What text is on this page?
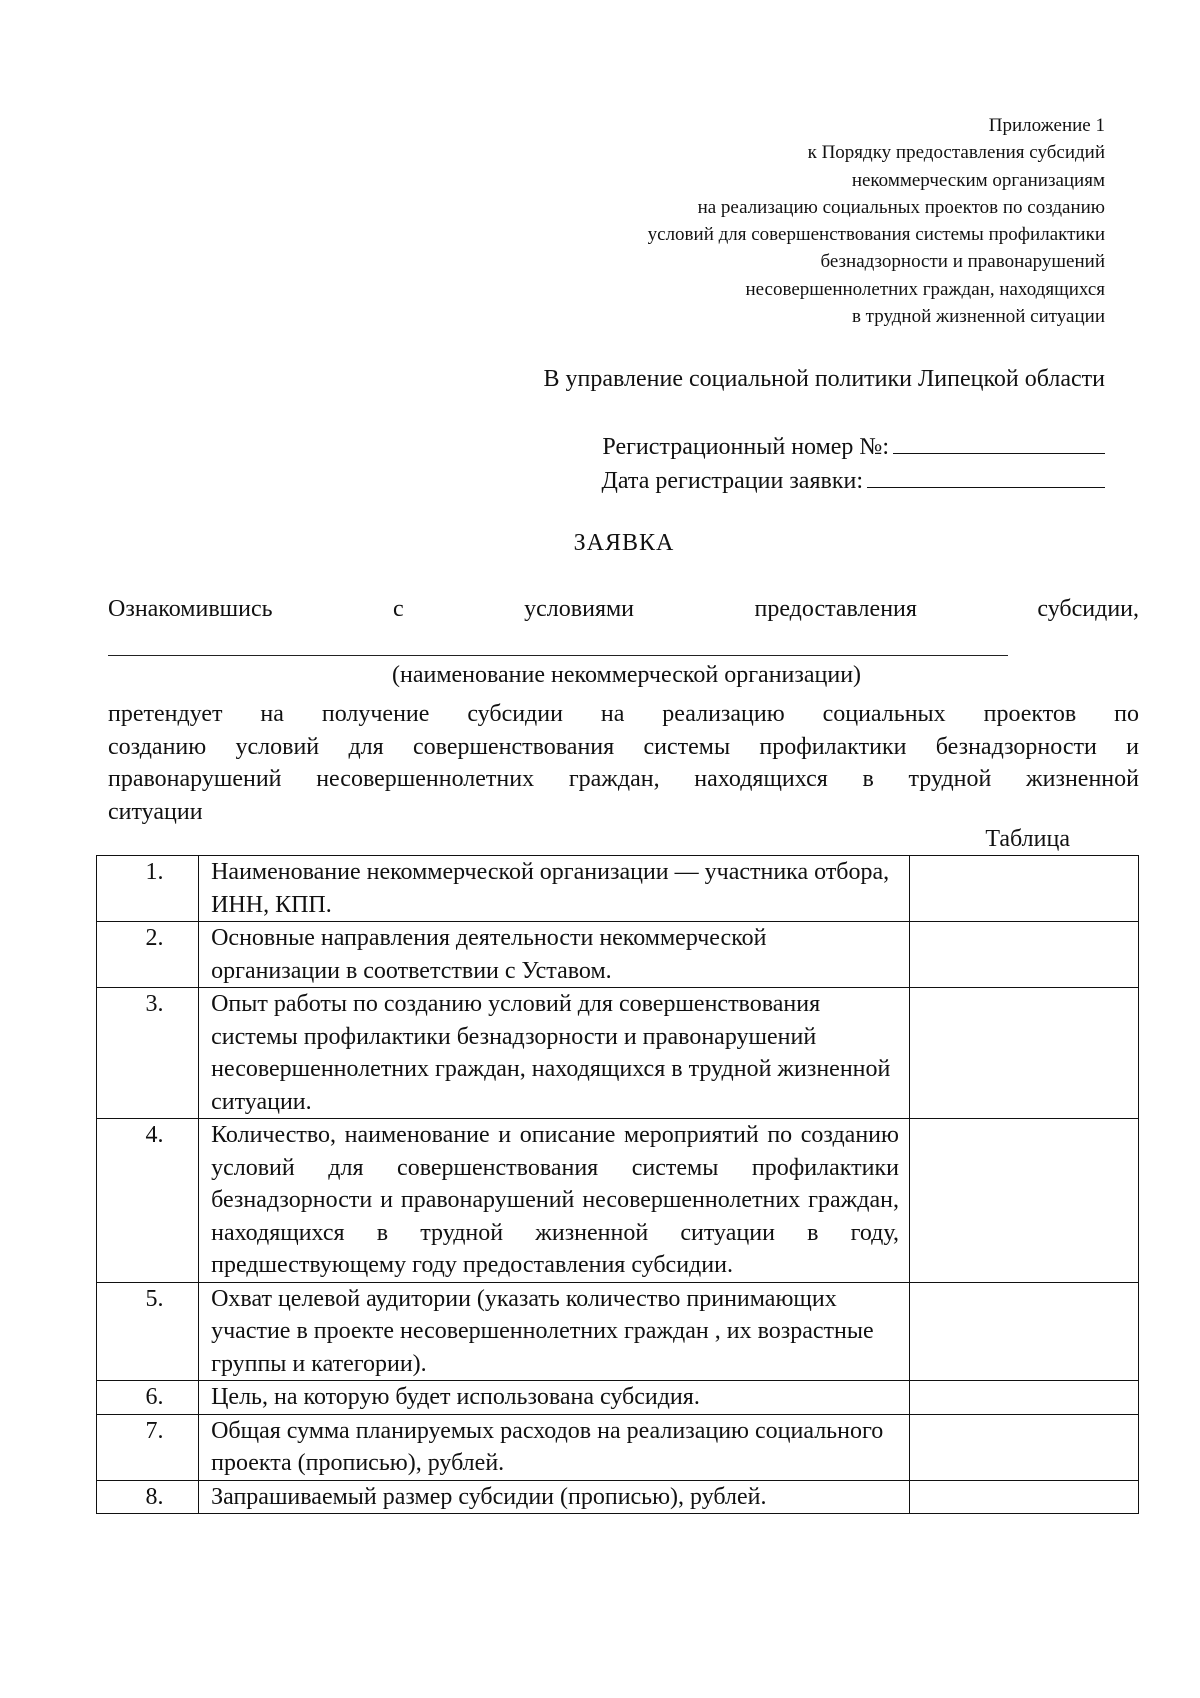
Приложение 1
к Порядку предоставления субсидий
некоммерческим организациям
на реализацию социальных проектов по созданию
условий для совершенствования системы профилактики
безнадзорности и правонарушений
несовершеннолетних граждан, находящихся
в трудной жизненной ситуации
В управление социальной политики Липецкой области
Регистрационный номер №:
Дата регистрации заявки:
ЗАЯВКА
Ознакомившись	с	условиями	предоставления	субсидии,
(наименование некоммерческой организации)
претендует на получение субсидии на реализацию социальных проектов по
созданию условий для совершенствования системы профилактики безнадзорности и
правонарушений несовершеннолетних граждан, находящихся в трудной жизненной
ситуации
Таблица
1.	Наименование некоммерческой организации — участника отбора, ИНН, КПП.	
2.	Основные направления деятельности некоммерческой организации в соответствии с Уставом.	
3.	Опыт работы по созданию условий для совершенствования системы профилактики безнадзорности и правонарушений несовершеннолетних граждан, находящихся в трудной жизненной ситуации.	
4.	Количество, наименование и описание мероприятий по созданию условий для совершенствования системы профилактики безнадзорности и правонарушений несовершеннолетних граждан, находящихся в трудной жизненной ситуации в году, предшествующему году предоставления субсидии.	
5.	Охват целевой аудитории (указать количество принимающих участие в проекте несовершеннолетних граждан , их возрастные группы и категории).	
6.	Цель, на которую будет использована субсидия.	
7.	Общая сумма планируемых расходов на реализацию социального проекта (прописью), рублей.	
8.	Запрашиваемый размер субсидии (прописью), рублей.	
